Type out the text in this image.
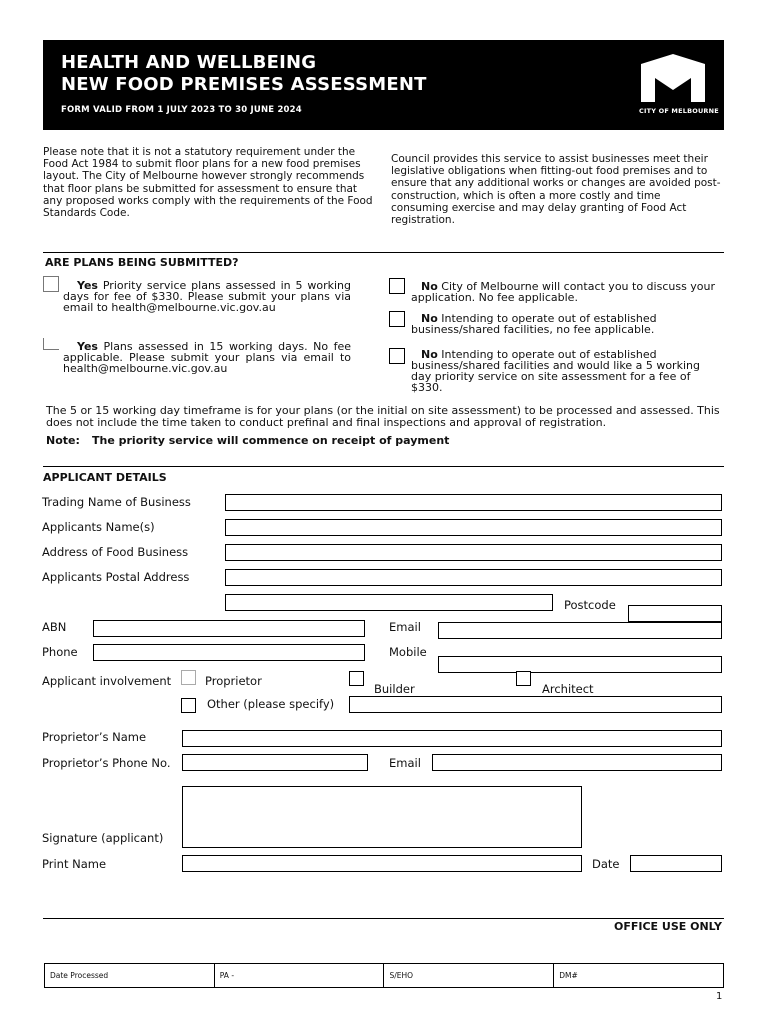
HEALTH AND WELLBEING
NEW FOOD PREMISES ASSESSMENT
FORM VALID FROM 1 JULY 2023 TO 30 JUNE 2024	CITY OF MELBOURNE
Please note that it is not a statutory requirement under the Food Act 1984 to submit floor plans for a new food premises layout. The City of Melbourne however strongly recommends that floor plans be submitted for assessment to ensure that any proposed works comply with the requirements of the Food Standards Code.
Council provides this service to assist businesses meet their legislative obligations when fitting-out food premises and to ensure that any additional works or changes are avoided post-construction, which is often a more costly and time consuming exercise and may delay granting of Food Act registration.
ARE PLANS BEING SUBMITTED?
Yes Priority service plans assessed in 5 working days for fee of $330. Please submit your plans via email to health@melbourne.vic.gov.au
Yes Plans assessed in 15 working days. No fee applicable. Please submit your plans via email to health@melbourne.vic.gov.au
No City of Melbourne will contact you to discuss your application. No fee applicable.
No Intending to operate out of established business/shared facilities, no fee applicable.
No Intending to operate out of established business/shared facilities and would like a 5 working day priority service on site assessment for a fee of $330.
The 5 or 15 working day timeframe is for your plans (or the initial on site assessment) to be processed and assessed. This does not include the time taken to conduct prefinal and final inspections and approval of registration.
Note: The priority service will commence on receipt of payment
APPLICANT DETAILS
Trading Name of Business
Applicants Name(s)
Address of Food Business
Applicants Postal Address
Postcode
ABN	Email
Phone	Mobile
Applicant involvement	Proprietor
Builder	Architect
Other (please specify)
Proprietor’s Name
Proprietor’s Phone No.	Email
Signature (applicant)
Print Name	Date
OFFICE USE ONLY
Date Processed	PA -	S/EHO	DM#
1
